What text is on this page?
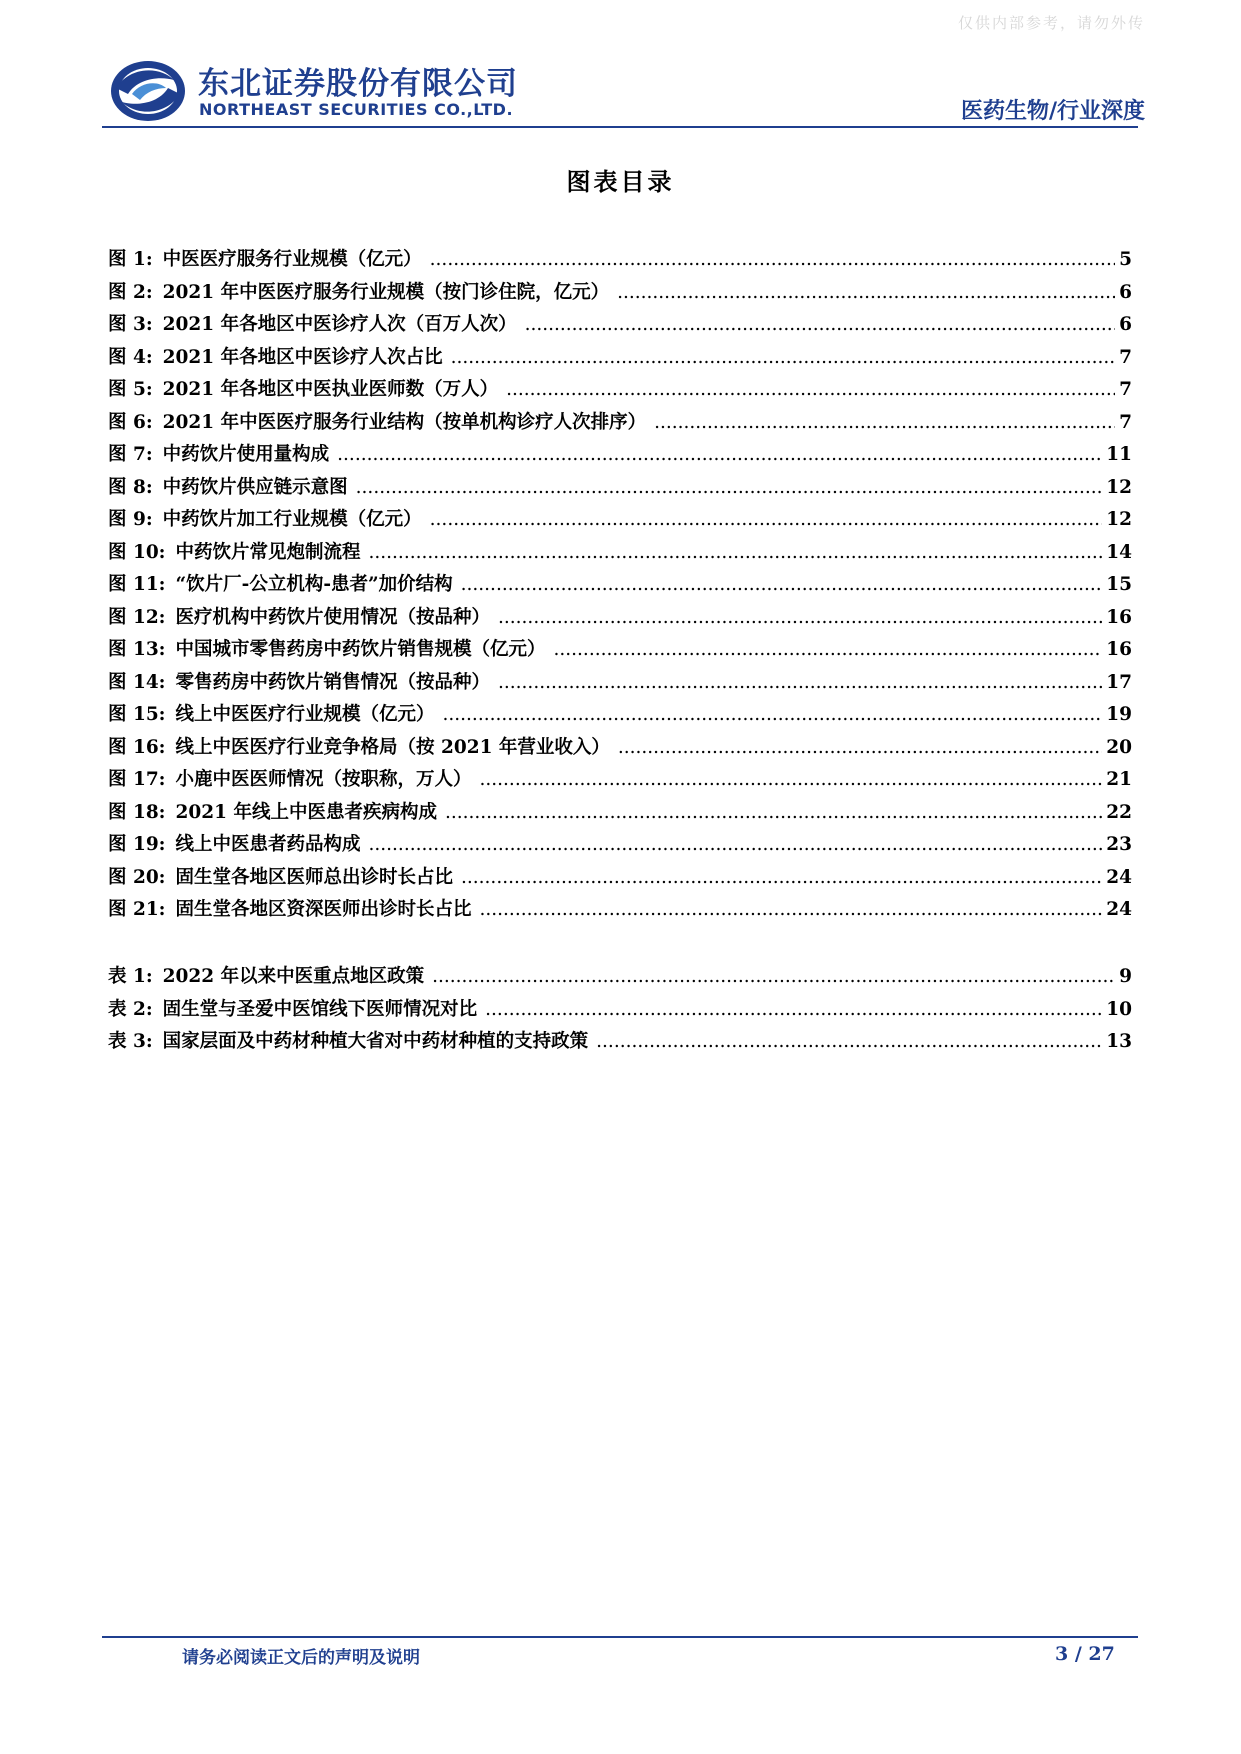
仅供内部参考，请勿外传
东北证券股份有限公司
NORTHEAST SECURITIES CO.,LTD.	医药生物/行业深度
图表目录
图 1: 中医医疗服务行业规模（亿元） .....	5
图 2: 2021 年中医医疗服务行业规模（按门诊住院，亿元） .....	6
图 3: 2021 年各地区中医诊疗人次（百万人次） .....	6
图 4: 2021 年各地区中医诊疗人次占比 .....	7
图 5: 2021 年各地区中医执业医师数（万人） .....	7
图 6: 2021 年中医医疗服务行业结构（按单机构诊疗人次排序） .....	7
图 7: 中药饮片使用量构成 .....	11
图 8: 中药饮片供应链示意图 .....	12
图 9: 中药饮片加工行业规模（亿元） .....	12
图 10: 中药饮片常见炮制流程 .....	14
图 11: “饮片厂-公立机构-患者”加价结构 .....	15
图 12: 医疗机构中药饮片使用情况（按品种） .....	16
图 13: 中国城市零售药房中药饮片销售规模（亿元） .....	16
图 14: 零售药房中药饮片销售情况（按品种） .....	17
图 15: 线上中医医疗行业规模（亿元） .....	19
图 16: 线上中医医疗行业竞争格局（按 2021 年营业收入） .....	20
图 17: 小鹿中医医师情况（按职称，万人） .....	21
图 18: 2021 年线上中医患者疾病构成 .....	22
图 19: 线上中医患者药品构成 .....	23
图 20: 固生堂各地区医师总出诊时长占比 .....	24
图 21: 固生堂各地区资深医师出诊时长占比 .....	24
表 1: 2022 年以来中医重点地区政策 .....	9
表 2: 固生堂与圣爱中医馆线下医师情况对比 .....	10
表 3: 国家层面及中药材种植大省对中药材种植的支持政策 .....	13
请务必阅读正文后的声明及说明	3 / 27
